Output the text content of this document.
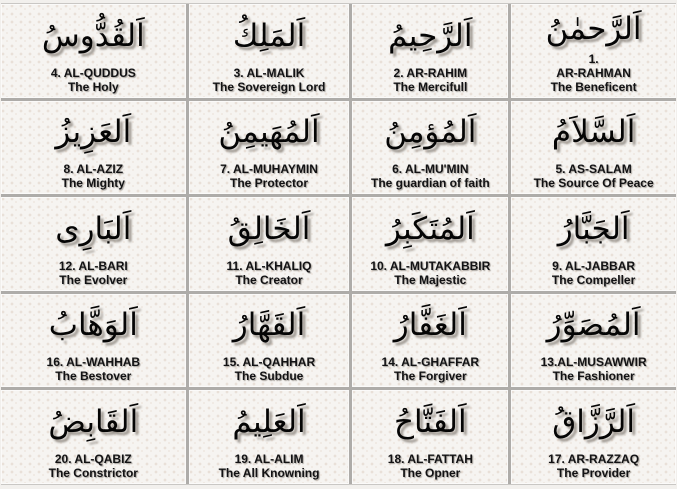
اَلقُدُّوسُ
4. AL-QUDDUS
The Holy
اَلمَلِكُ
3. AL-MALIK
The Sovereign Lord
اَلرَّحِيمُ
2. AR-RAHIM
The Mercifull
اَلرَّحمٰنُ
1.
AR-RAHMAN
The Beneficent
اَلعَزِيزُ
8. AL-AZIZ
The Mighty
اَلمُهَيمِنُ
7. AL-MUHAYMIN
The Protector
اَلمُؤمِنُ
6. AL-MU'MIN
The guardian of faith
اَلسَّلاَمُ
5. AS-SALAM
The Source Of Peace
اَلبَارِى
12. AL-BARI
The Evolver
اَلخَالِقُ
11. AL-KHALIQ
The Creator
اَلمُتَكَبِرُ
10. AL-MUTAKABBIR
The Majestic
اَلجَبَّارُ
9. AL-JABBAR
The Compeller
اَلوَهَّابُ
16. AL-WAHHAB
The Bestover
اَلقَهَّارُ
15. AL-QAHHAR
The Subdue
اَلغَفَّارُ
14. AL-GHAFFAR
The Forgiver
اَلمُصَوِّرُ
13.AL-MUSAWWIR
The Fashioner
اَلقَابِضُ
20. AL-QABIZ
The Constrictor
اَلعَلِيمُ
19. AL-ALIM
The All Knowning
اَلفَتَّاحُ
18. AL-FATTAH
The Opner
اَلرَّزَّاقُ
17. AR-RAZZAQ
The Provider
